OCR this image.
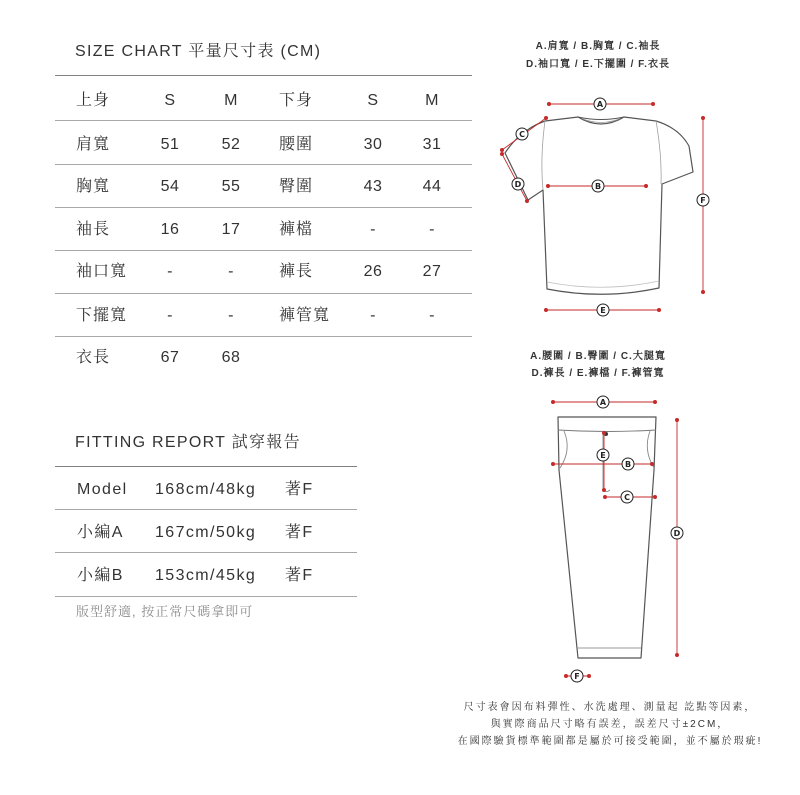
A
B
C
D
E
F
A
B
C
D
E
F
SIZE CHART 平量尺寸表 (CM)
上身	S	M	下身	S	M
肩寬	51	52	腰圍	30	31
胸寬	54	55	臀圍	43	44
袖長	16	17	褲檔	-	-
袖口寬	-	-	褲長	26	27
下擺寬	-	-	褲管寬	-	-
衣長	67	68
FITTING REPORT 試穿報告
Model 168cm/48kg 著F
小編A 167cm/50kg 著F
小編B 153cm/45kg 著F
版型舒適, 按正常尺碼拿即可
A.肩寬 / B.胸寬 / C.袖長
D.袖口寬 / E.下擺圍 / F.衣長
A.腰圍 / B.臀圍 / C.大腿寬
D.褲長 / E.褲檔 / F.褲管寬
尺寸表會因布料彈性、水洗處理、測量起 訖點等因素，
與實際商品尺寸略有誤差，誤差尺寸±2CM，
在國際驗貨標準範圍都是屬於可接受範圍，並不屬於瑕疵!
